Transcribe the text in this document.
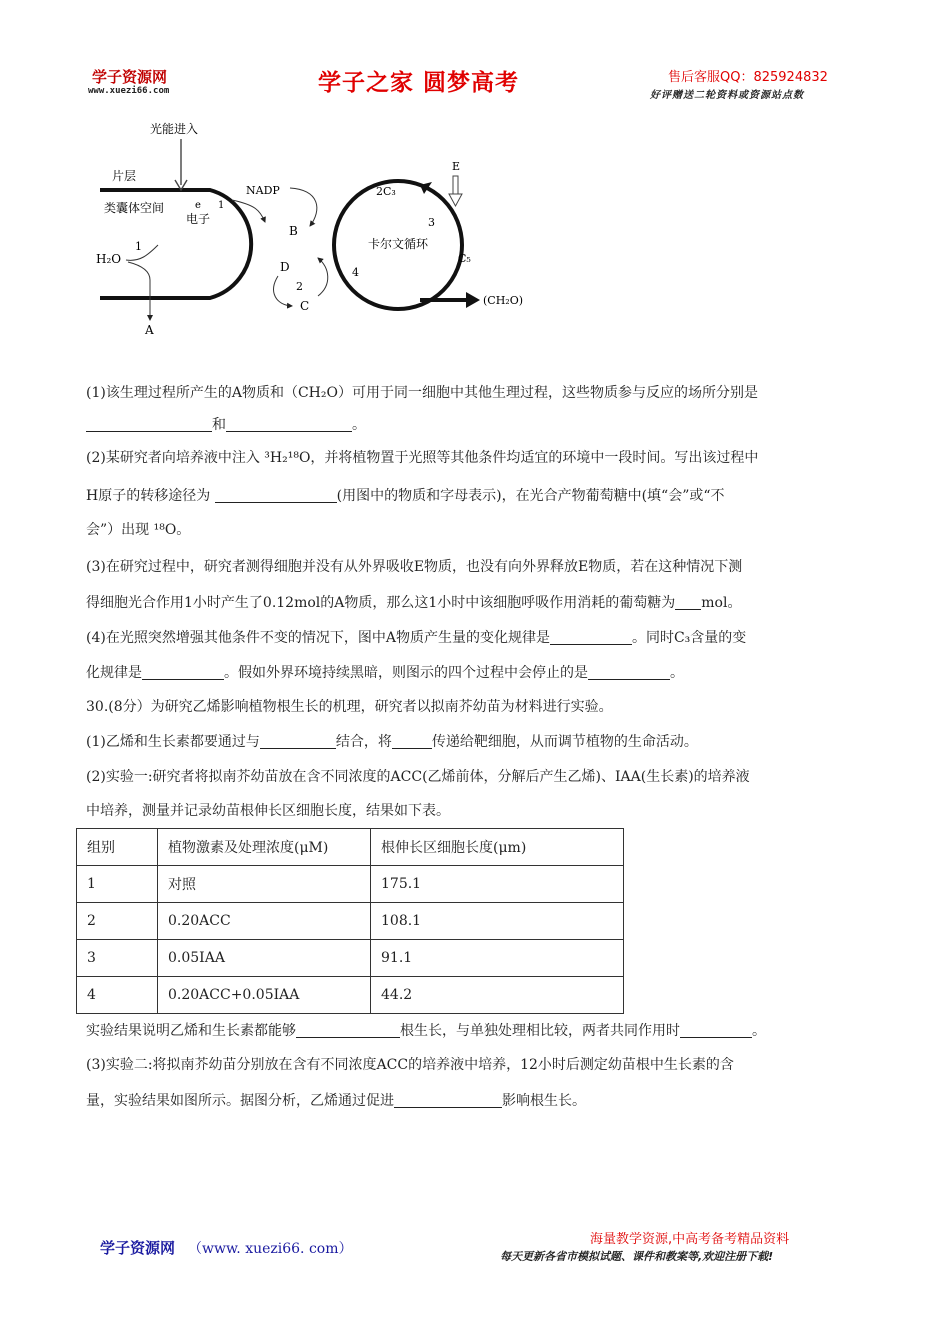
学子资源网
www.xuezi66.com	学子之家 圆梦高考	售后客服QQ：825924832
好评赠送二轮资料或资源站点数
光能进入
片层
类囊体空间	e
电子
1
H₂O
1
A
NADP
B
D
2
C
卡尔文循环
2C₃
3
4
C₅
E
(CH₂O)
(1)该生理过程所产生的A物质和（CH₂O）可用于同一细胞中其他生理过程，这些物质参与反应的场所分别是
和	。
(2)某研究者向培养液中注入 ³H₂¹⁸O，并将植物置于光照等其他条件均适宜的环境中一段时间。写出该过程中
H原子的转移途径为	(用图中的物质和字母表示)，在光合产物葡萄糖中(填“会”或“不
会”）出现 ¹⁸O。
(3)在研究过程中，研究者测得细胞并没有从外界吸收E物质，也没有向外界释放E物质，若在这种情况下测
得细胞光合作用1小时产生了0.12mol的A物质，那么这1小时中该细胞呼吸作用消耗的葡萄糖为 mol。
(4)在光照突然增强其他条件不变的情况下，图中A物质产生量的变化规律是	。同时C₃含量的变
化规律是	。假如外界环境持续黑暗，则图示的四个过程中会停止的是	。
30.(8分）为研究乙烯影响植物根生长的机理，研究者以拟南芥幼苗为材料进行实验。
(1)乙烯和生长素都要通过与	结合，将	传递给靶细胞，从而调节植物的生命活动。
(2)实验一:研究者将拟南芥幼苗放在含不同浓度的ACC(乙烯前体，分解后产生乙烯)、IAA(生长素)的培养液
中培养，测量并记录幼苗根伸长区细胞长度，结果如下表。
组别	植物激素及处理浓度(μM)	根伸长区细胞长度(μm)
1	对照	175.1
2	0.20ACC	108.1
3	0.05IAA	91.1
4	0.20ACC+0.05IAA	44.2
实验结果说明乙烯和生长素都能够	根生长，与单独处理相比较，两者共同作用时	。
(3)实验二:将拟南芥幼苗分别放在含有不同浓度ACC的培养液中培养，12小时后测定幼苗根中生长素的含
量，实验结果如图所示。据图分析，乙烯通过促进	影响根生长。
学子资源网 （www. xuezi66. com）
海量教学资源,中高考备考精品资料
每天更新各省市模拟试题、课件和教案等,欢迎注册下载!
